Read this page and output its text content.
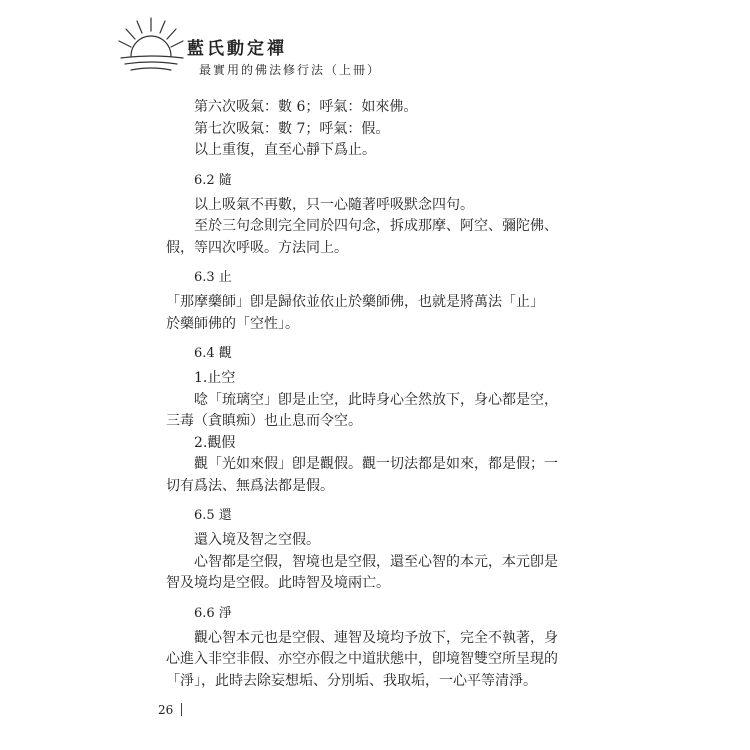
藍氏動定禪
最實用的佛法修行法（上冊）

第六次吸氣：數 6；呼氣：如來佛。

第七次吸氣：數 7；呼氣：假。

以上重復，直至心靜下爲止。

6.2 隨

以上吸氣不再數，只一心隨著呼吸默念四句。

至於三句念則完全同於四句念，拆成那摩、阿空、彌陀佛、

假，等四次呼吸。方法同上。

6.3 止

「那摩藥師」卽是歸依並依止於藥師佛，也就是將萬法「止」

於藥師佛的「空性」。

6.4 觀

1.止空

唸「琉璃空」卽是止空，此時身心全然放下，身心都是空，

三毒（貪瞋痴）也止息而令空。

2.觀假

觀「光如來假」卽是觀假。觀一切法都是如來，都是假；一

切有爲法、無爲法都是假。

6.5 還

還入境及智之空假。

心智都是空假，智境也是空假，還至心智的本元，本元卽是

智及境均是空假。此時智及境兩亡。

6.6 淨

觀心智本元也是空假、連智及境均予放下，完全不執著，身

心進入非空非假、亦空亦假之中道狀態中，卽境智雙空所呈現的

「淨」，此時去除妄想垢、分別垢、我取垢，一心平等清淨。

26
